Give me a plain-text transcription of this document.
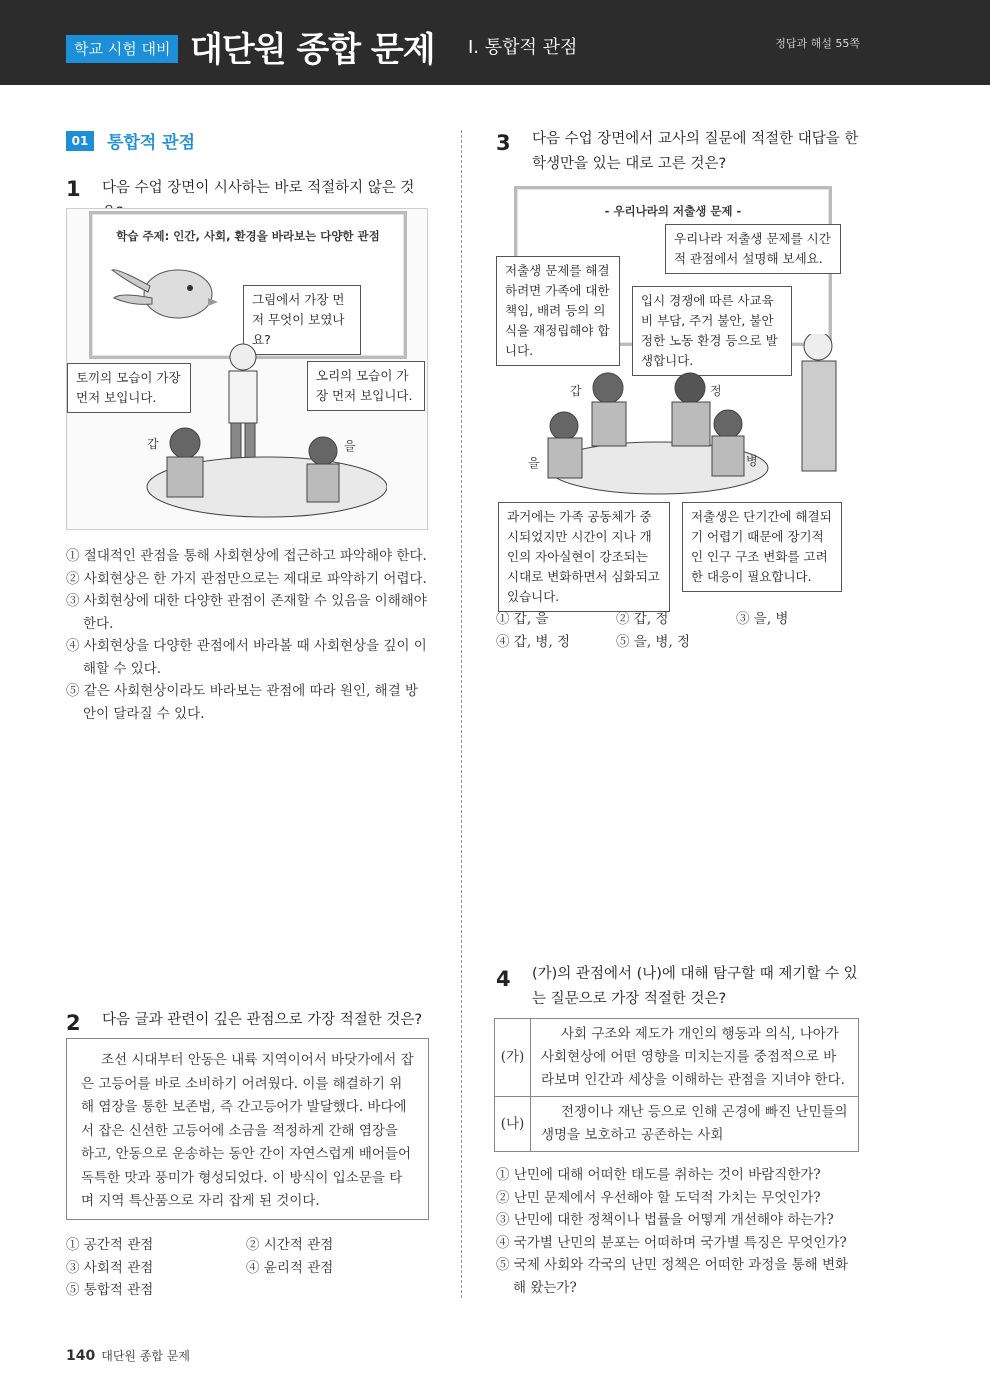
학교 시험 대비 대단원 종합 문제 Ⅰ. 통합적 관점	정답과 해설 55쪽
01	통합적 관점
1 다음 수업 장면이 시사하는 바로 적절하지 않은 것
학습 주제: 인간, 사회, 환경을 바라보는 다양한 관점
그림에서 가장 먼저 무엇이 보였나요?
토끼의 모습이 가장 먼저 보입니다.
오리의 모습이 가장 먼저 보입니다.
갑	을
① 절대적인 관점을 통해 사회현상에 접근하고 파악해야 한다.
② 사회현상은 한 가지 관점만으로는 제대로 파악하기 어렵다.
③ 사회현상에 대한 다양한 관점이 존재할 수 있음을 이해해야 한다.
④ 사회현상을 다양한 관점에서 바라볼 때 사회현상을 깊이 이해할 수 있다.
⑤ 같은 사회현상이라도 바라보는 관점에 따라 원인, 해결 방안이 달라질 수 있다.
2 다음 글과 관련이 깊은 관점으로 가장 적절한 것은?
조선 시대부터 안동은 내륙 지역이어서 바닷가에서 잡은 고등어를 바로 소비하기 어려웠다. 이를 해결하기 위해 염장을 통한 보존법, 즉 간고등어가 발달했다. 바다에서 잡은 신선한 고등어에 소금을 적정하게 간해 염장을 하고, 안동으로 운송하는 동안 간이 자연스럽게 배어들어 독특한 맛과 풍미가 형성되었다. 이 방식이 입소문을 타며 지역 특산품으로 자리 잡게 된 것이다.
① 공간적 관점	② 시간적 관점
③ 사회적 관점	④ 윤리적 관점
⑤ 통합적 관점
3 다음 수업 장면에서 교사의 질문에 적절한 대답을 한 학생만을 있는 대로 고른 것은?
- 우리나라의 저출생 문제 -
우리나라 저출생 문제를 시간적 관점에서 설명해 보세요.
저출생 문제를 해결하려면 가족에 대한 책임, 배려 등의 의식을 재정립해야 합니다.
입시 경쟁에 따른 사교육비 부담, 주거 불안, 불안정한 노동 환경 등으로 발생합니다.
갑	정
을	병
과거에는 가족 공동체가 중시되었지만 시간이 지나 개인의 자아실현이 강조되는 시대로 변화하면서 심화되고 있습니다.
저출생은 단기간에 해결되기 어렵기 때문에 장기적인 인구 구조 변화를 고려한 대응이 필요합니다.
① 갑, 을	② 갑, 정	③ 을, 병
④ 갑, 병, 정	⑤ 을, 병, 정
4 (가)의 관점에서 (나)에 대해 탐구할 때 제기할 수 있는 질문으로 가장 적절한 것은?
(가)	사회 구조와 제도가 개인의 행동과 의식, 나아가 사회현상에 어떤 영향을 미치는지를 중점적으로 바라보며 인간과 세상을 이해하는 관점을 지녀야 한다.

(나)	전쟁이나 재난 등으로 인해 곤경에 빠진 난민들의 생명을 보호하고 공존하는 사회
① 난민에 대해 어떠한 태도를 취하는 것이 바람직한가?
② 난민 문제에서 우선해야 할 도덕적 가치는 무엇인가?
③ 난민에 대한 정책이나 법률을 어떻게 개선해야 하는가?
④ 국가별 난민의 분포는 어떠하며 국가별 특징은 무엇인가?
⑤ 국제 사회와 각국의 난민 정책은 어떠한 과정을 통해 변화해 왔는가?
140 대단원 종합 문제
